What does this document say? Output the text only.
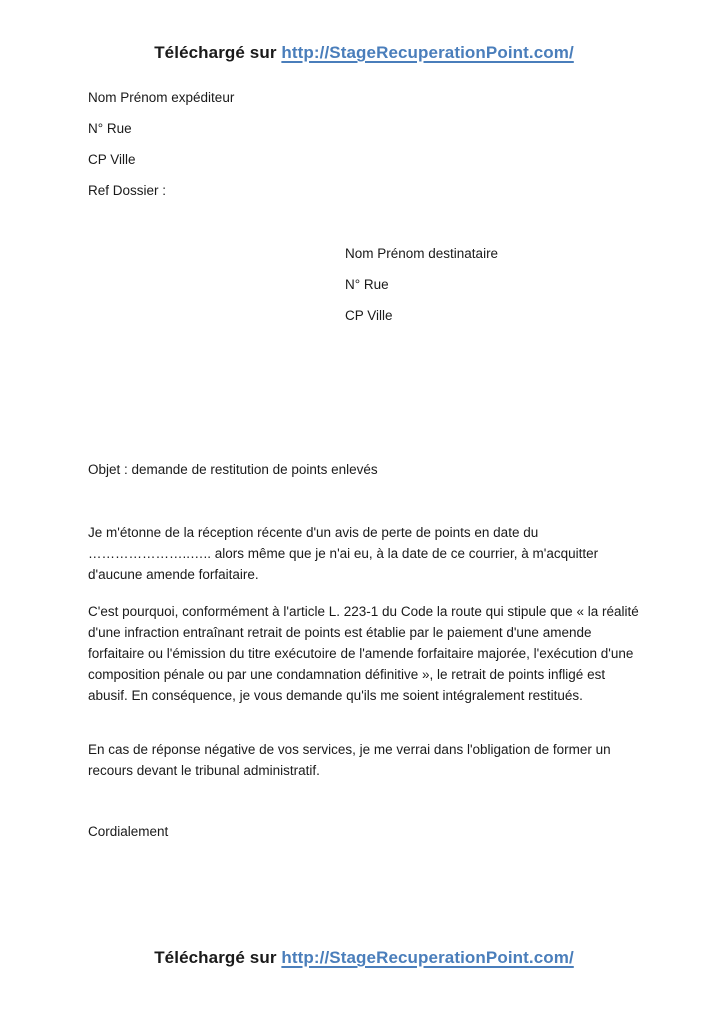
Téléchargé sur http://StageRecuperationPoint.com/
Nom Prénom expéditeur
N° Rue
CP Ville
Ref Dossier :
Nom Prénom destinataire
N° Rue
CP Ville
Objet : demande de restitution de points enlevés
Je m'étonne de la réception récente d'un avis de perte de points en date du …………………..….. alors même que je n'ai eu, à la date de ce courrier, à m'acquitter d'aucune amende forfaitaire.
C'est pourquoi, conformément à l'article L. 223-1 du Code la route qui stipule que « la réalité d'une infraction entraînant retrait de points est établie par le paiement d'une amende forfaitaire ou l'émission du titre exécutoire de l'amende forfaitaire majorée, l'exécution d'une composition pénale ou par une condamnation définitive », le retrait de points infligé est abusif. En conséquence, je vous demande qu'ils me soient intégralement restitués.
En cas de réponse négative de vos services, je me verrai dans l'obligation de former un recours devant le tribunal administratif.
Cordialement
Téléchargé sur http://StageRecuperationPoint.com/
